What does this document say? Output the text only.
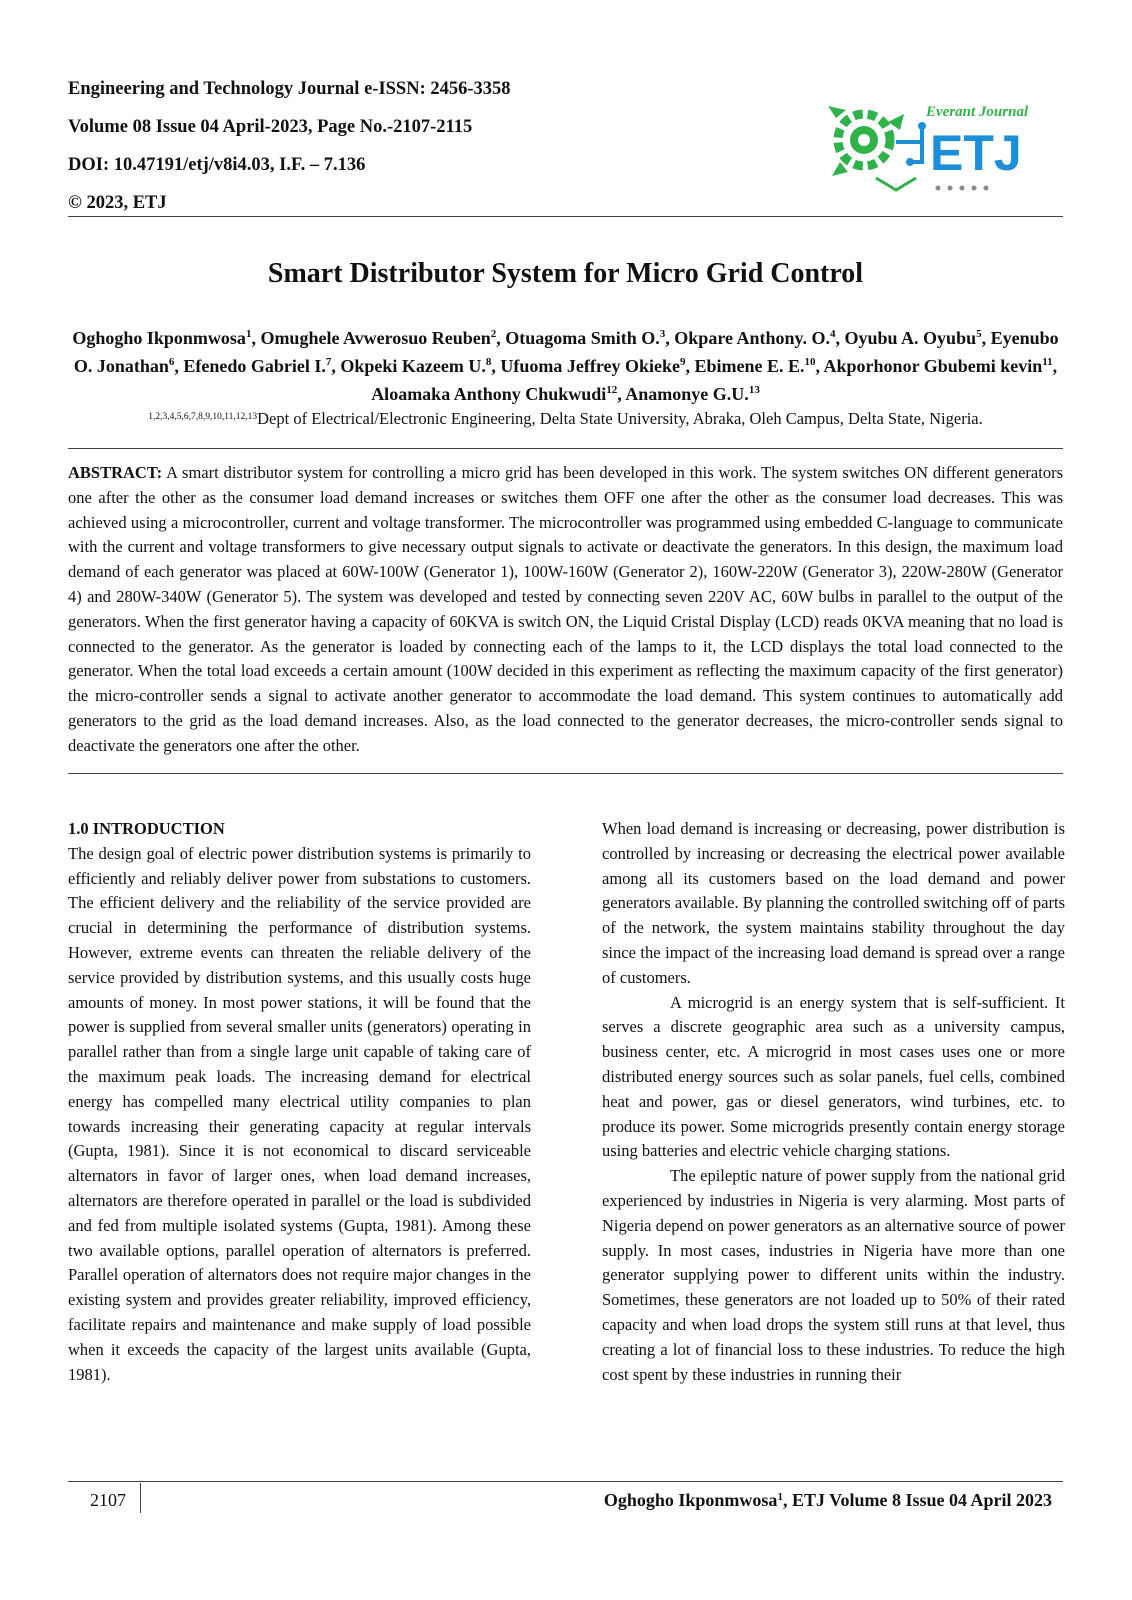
Engineering and Technology Journal e-ISSN: 2456-3358
Volume 08 Issue 04 April-2023, Page No.-2107-2115
DOI: 10.47191/etj/v8i4.03, I.F. – 7.136
© 2023, ETJ
Everant Journal
ETJ
Smart Distributor System for Micro Grid Control
Oghogho Ikponmwosa$^1$, Omughele Avwerosuo Reuben$^2$, Otuagoma Smith O.$^3$, Okpare Anthony. O.$^4$, Oyubu A. Oyubu$^5$, Eyenubo O. Jonathan$^6$, Efenedo Gabriel I.$^7$, Okpeki Kazeem U.$^8$, Ufuoma Jeffrey Okieke$^9$, Ebimene E. E.$^{10}$, Akporhonor Gbubemi kevin$^{11}$, Aloamaka Anthony Chukwudi$^{12}$, Anamonye G.U.$^{13}$
$^{1,2,3,4,5,6,7,8,9,10,11,12,13}$Dept of Electrical/Electronic Engineering, Delta State University, Abraka, Oleh Campus, Delta State, Nigeria.
ABSTRACT: A smart distributor system for controlling a micro grid has been developed in this work. The system switches ON different generators one after the other as the consumer load demand increases or switches them OFF one after the other as the consumer load decreases. This was achieved using a microcontroller, current and voltage transformer. The microcontroller was programmed using embedded C-language to communicate with the current and voltage transformers to give necessary output signals to activate or deactivate the generators. In this design, the maximum load demand of each generator was placed at 60W-100W (Generator 1), 100W-160W (Generator 2), 160W-220W (Generator 3), 220W-280W (Generator 4) and 280W-340W (Generator 5). The system was developed and tested by connecting seven 220V AC, 60W bulbs in parallel to the output of the generators. When the first generator having a capacity of 60KVA is switch ON, the Liquid Cristal Display (LCD) reads 0KVA meaning that no load is connected to the generator. As the generator is loaded by connecting each of the lamps to it, the LCD displays the total load connected to the generator. When the total load exceeds a certain amount (100W decided in this experiment as reflecting the maximum capacity of the first generator) the micro-controller sends a signal to activate another generator to accommodate the load demand. This system continues to automatically add generators to the grid as the load demand increases. Also, as the load connected to the generator decreases, the micro-controller sends signal to deactivate the generators one after the other.
1.0 INTRODUCTION

The design goal of electric power distribution systems is primarily to efficiently and reliably deliver power from substations to customers. The efficient delivery and the reliability of the service provided are crucial in determining the performance of distribution systems. However, extreme events can threaten the reliable delivery of the service provided by distribution systems, and this usually costs huge amounts of money. In most power stations, it will be found that the power is supplied from several smaller units (generators) operating in parallel rather than from a single large unit capable of taking care of the maximum peak loads. The increasing demand for electrical energy has compelled many electrical utility companies to plan towards increasing their generating capacity at regular intervals (Gupta, 1981). Since it is not economical to discard serviceable alternators in favor of larger ones, when load demand increases, alternators are therefore operated in parallel or the load is subdivided and fed from multiple isolated systems (Gupta, 1981). Among these two available options, parallel operation of alternators is preferred. Parallel operation of alternators does not require major changes in the existing system and provides greater reliability, improved efficiency, facilitate repairs and maintenance and make supply of load possible when it exceeds the capacity of the largest units available (Gupta, 1981).

When load demand is increasing or decreasing, power distribution is controlled by increasing or decreasing the electrical power available among all its customers based on the load demand and power generators available. By planning the controlled switching off of parts of the network, the system maintains stability throughout the day since the impact of the increasing load demand is spread over a range of customers.

A microgrid is an energy system that is self-sufficient. It serves a discrete geographic area such as a university campus, business center, etc. A microgrid in most cases uses one or more distributed energy sources such as solar panels, fuel cells, combined heat and power, gas or diesel generators, wind turbines, etc. to produce its power. Some microgrids presently contain energy storage using batteries and electric vehicle charging stations.

The epileptic nature of power supply from the national grid experienced by industries in Nigeria is very alarming. Most parts of Nigeria depend on power generators as an alternative source of power supply. In most cases, industries in Nigeria have more than one generator supplying power to different units within the industry. Sometimes, these generators are not loaded up to 50% of their rated capacity and when load drops the system still runs at that level, thus creating a lot of financial loss to these industries. To reduce the high cost spent by these industries in running their

2107	Oghogho Ikponmwosa$^1$, ETJ Volume 8 Issue 04 April 2023
